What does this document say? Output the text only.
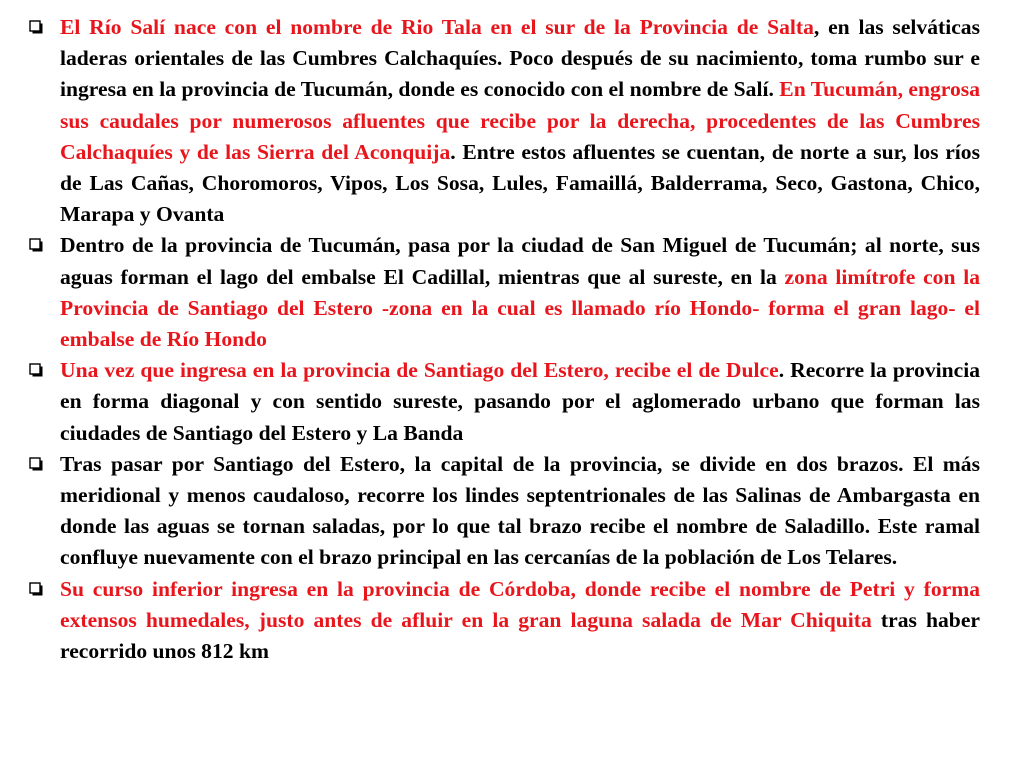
El Río Salí nace con el nombre de Rio Tala en el sur de la Provincia de Salta, en las selváticas laderas orientales de las Cumbres Calchaquíes. Poco después de su nacimiento, toma rumbo sur e ingresa en la provincia de Tucumán, donde es conocido con el nombre de Salí. En Tucumán, engrosa sus caudales por numerosos afluentes que recibe por la derecha, procedentes de las Cumbres Calchaquíes y de las Sierra del Aconquija. Entre estos afluentes se cuentan, de norte a sur, los ríos de Las Cañas, Choromoros, Vipos, Los Sosa, Lules, Famaillá, Balderrama, Seco, Gastona, Chico, Marapa y Ovanta
Dentro de la provincia de Tucumán, pasa por la ciudad de San Miguel de Tucumán; al norte, sus aguas forman el lago del embalse El Cadillal, mientras que al sureste, en la zona limítrofe con la Provincia de Santiago del Estero -zona en la cual es llamado río Hondo- forma el gran lago- el embalse de Río Hondo
Una vez que ingresa en la provincia de Santiago del Estero, recibe el de Dulce. Recorre la provincia en forma diagonal y con sentido sureste, pasando por el aglomerado urbano que forman las ciudades de Santiago del Estero y La Banda
Tras pasar por Santiago del Estero, la capital de la provincia, se divide en dos brazos. El más meridional y menos caudaloso, recorre los lindes septentrionales de las Salinas de Ambargasta en donde las aguas se tornan saladas, por lo que tal brazo recibe el nombre de Saladillo. Este ramal confluye nuevamente con el brazo principal en las cercanías de la población de Los Telares.
Su curso inferior ingresa en la provincia de Córdoba, donde recibe el nombre de Petri y forma extensos humedales, justo antes de afluir en la gran laguna salada de Mar Chiquita tras haber recorrido unos 812 km
